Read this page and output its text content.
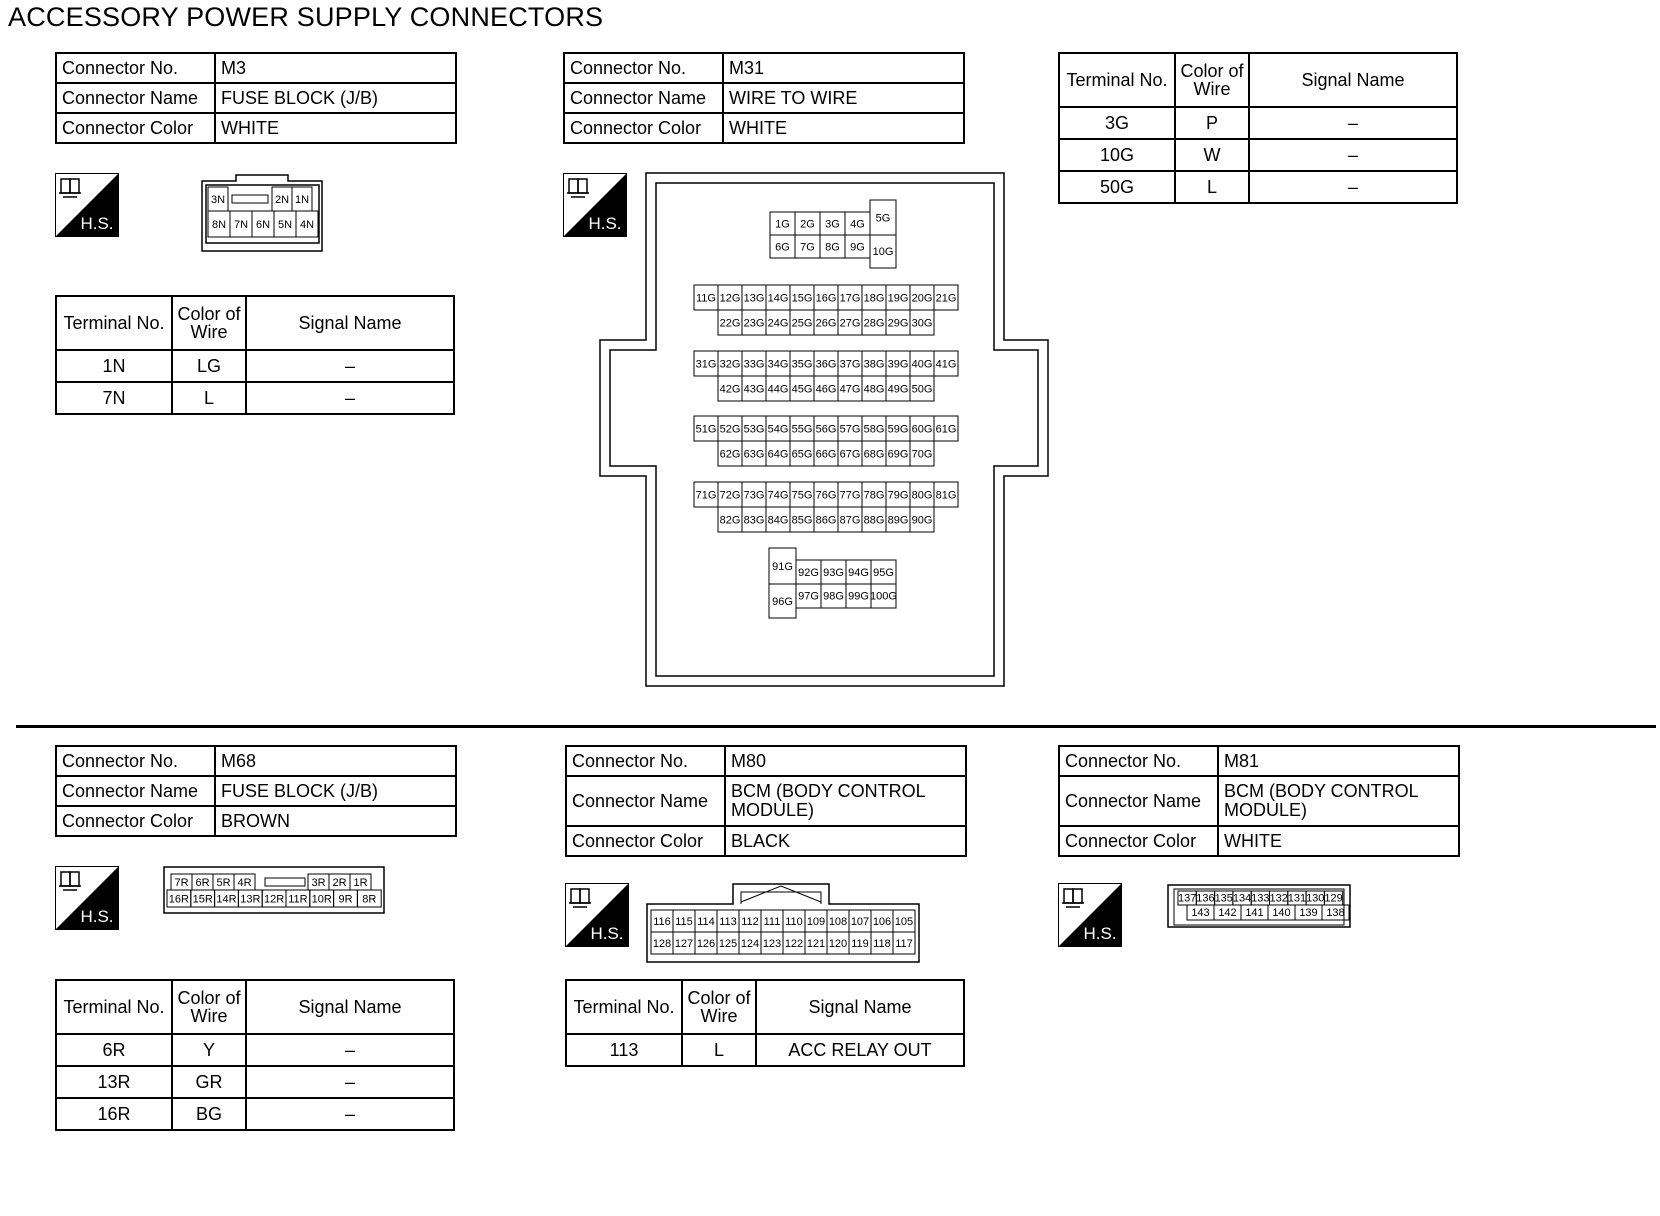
ACCESSORY POWER SUPPLY CONNECTORS
Connector No.	M3
Connector Name	FUSE BLOCK (J/B)
Connector Color	WHITE
H.S.
3N	2N 1N
8N 7N 6N 5N 4N
Terminal No.	Color of Wire	Signal Name
1N	LG	–
7N	L	–
Connector No.	M31
Connector Name	WIRE TO WIRE
Connector Color	WHITE
H.S.	1G 2G 3G 4G
6G 7G 8G 9G
5G
10G
11G 12G 13G 14G 15G 16G 17G 18G 19G 20G 21G
22G 23G 24G 25G 26G 27G 28G 29G 30G
31G 32G 33G 34G 35G 36G 37G 38G 39G 40G 41G
42G 43G 44G 45G 46G 47G 48G 49G 50G
51G 52G 53G 54G 55G 56G 57G 58G 59G 60G 61G
62G 63G 64G 65G 66G 67G 68G 69G 70G
71G 72G 73G 74G 75G 76G 77G 78G 79G 80G 81G
82G 83G 84G 85G 86G 87G 88G 89G 90G
91G
96G
92G 93G 94G 95G
97G 98G 99G 100G
Terminal No.	Color of Wire	Signal Name
3G	P	–
10G	W	–
50G	L	–
Connector No.	M68
Connector Name	FUSE BLOCK (J/B)
Connector Color	BROWN
H.S.
7R 6R 5R 4R	3R 2R 1R
16R 15R 14R 13R 12R 11R 10R 9R 8R
Terminal No.	Color of Wire	Signal Name
6R	Y	–
13R	GR	–
16R	BG	–
Connector No.	M80
Connector Name	BCM (BODY CONTROL MODULE)
Connector Color	BLACK
H.S.
116 115 114 113 112 111 110 109 108 107 106 105
128 127 126 125 124 123 122 121 120 119 118 117
Terminal No.	Color of Wire	Signal Name
113	L	ACC RELAY OUT
Connector No.	M81
Connector Name	BCM (BODY CONTROL MODULE)
Connector Color	WHITE
H.S.
137 136 135 134 133 132 131 130 129
143 142 141 140 139 138
